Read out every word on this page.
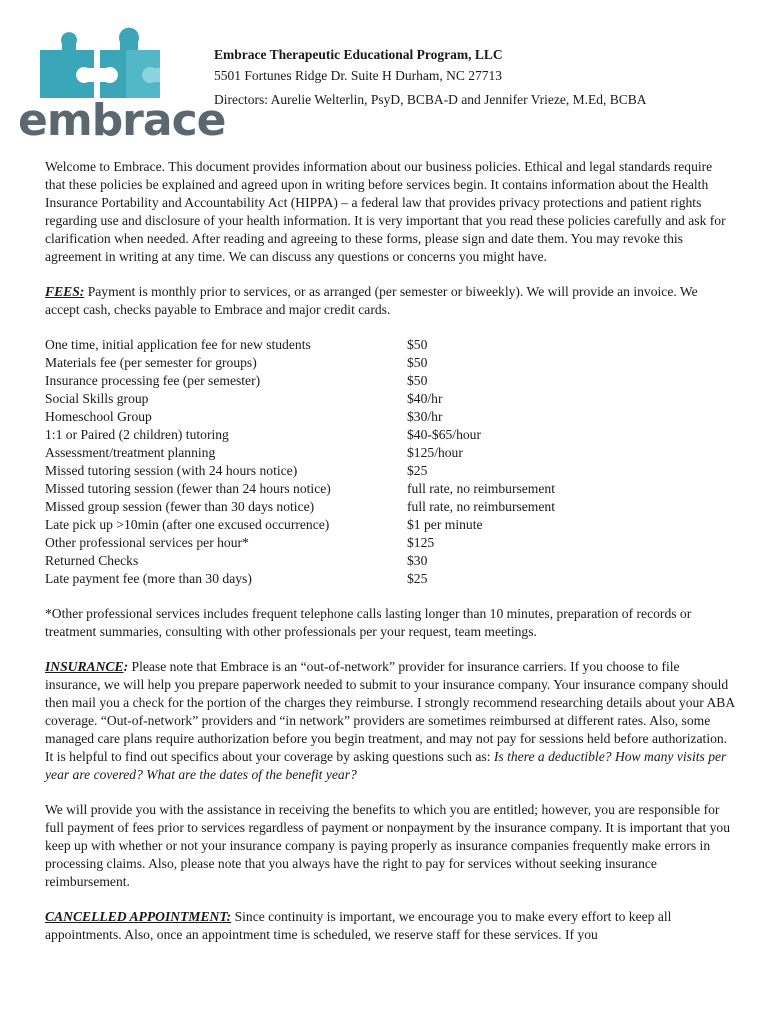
embrace
Embrace Therapeutic Educational Program, LLC
5501 Fortunes Ridge Dr. Suite H Durham, NC 27713
Directors: Aurelie Welterlin, PsyD, BCBA-D and Jennifer Vrieze, M.Ed, BCBA

Welcome to Embrace. This document provides information about our business policies. Ethical and legal standards require that these policies be explained and agreed upon in writing before services begin. It contains information about the Health Insurance Portability and Accountability Act (HIPPA) – a federal law that provides privacy protections and patient rights regarding use and disclosure of your health information. It is very important that you read these policies carefully and ask for clarification when needed. After reading and agreeing to these forms, please sign and date them. You may revoke this agreement in writing at any time. We can discuss any questions or concerns you might have.

FEES: Payment is monthly prior to services, or as arranged (per semester or biweekly). We will provide an invoice. We accept cash, checks payable to Embrace and major credit cards.

One time, initial application fee for new students	$50
Materials fee (per semester for groups)	$50
Insurance processing fee (per semester)	$50
Social Skills group	$40/hr
Homeschool Group	$30/hr
1:1 or Paired (2 children) tutoring	$40-$65/hour
Assessment/treatment planning	$125/hour
Missed tutoring session (with 24 hours notice)	$25
Missed tutoring session (fewer than 24 hours notice)	full rate, no reimbursement
Missed group session (fewer than 30 days notice)	full rate, no reimbursement
Late pick up >10min (after one excused occurrence)	$1 per minute
Other professional services per hour*	$125
Returned Checks	$30
Late payment fee (more than 30 days)	$25

*Other professional services includes frequent telephone calls lasting longer than 10 minutes, preparation of records or treatment summaries, consulting with other professionals per your request, team meetings.

INSURANCE: Please note that Embrace is an “out-of-network” provider for insurance carriers. If you choose to file insurance, we will help you prepare paperwork needed to submit to your insurance company. Your insurance company should then mail you a check for the portion of the charges they reimburse. I strongly recommend researching details about your ABA coverage. “Out-of-network” providers and “in network” providers are sometimes reimbursed at different rates. Also, some managed care plans require authorization before you begin treatment, and may not pay for sessions held before authorization. It is helpful to find out specifics about your coverage by asking questions such as: Is there a deductible? How many visits per year are covered? What are the dates of the benefit year?

We will provide you with the assistance in receiving the benefits to which you are entitled; however, you are responsible for full payment of fees prior to services regardless of payment or nonpayment by the insurance company. It is important that you keep up with whether or not your insurance company is paying properly as insurance companies frequently make errors in processing claims. Also, please note that you always have the right to pay for services without seeking insurance reimbursement.

CANCELLED APPOINTMENT: Since continuity is important, we encourage you to make every effort to keep all appointments. Also, once an appointment time is scheduled, we reserve staff for these services. If you
